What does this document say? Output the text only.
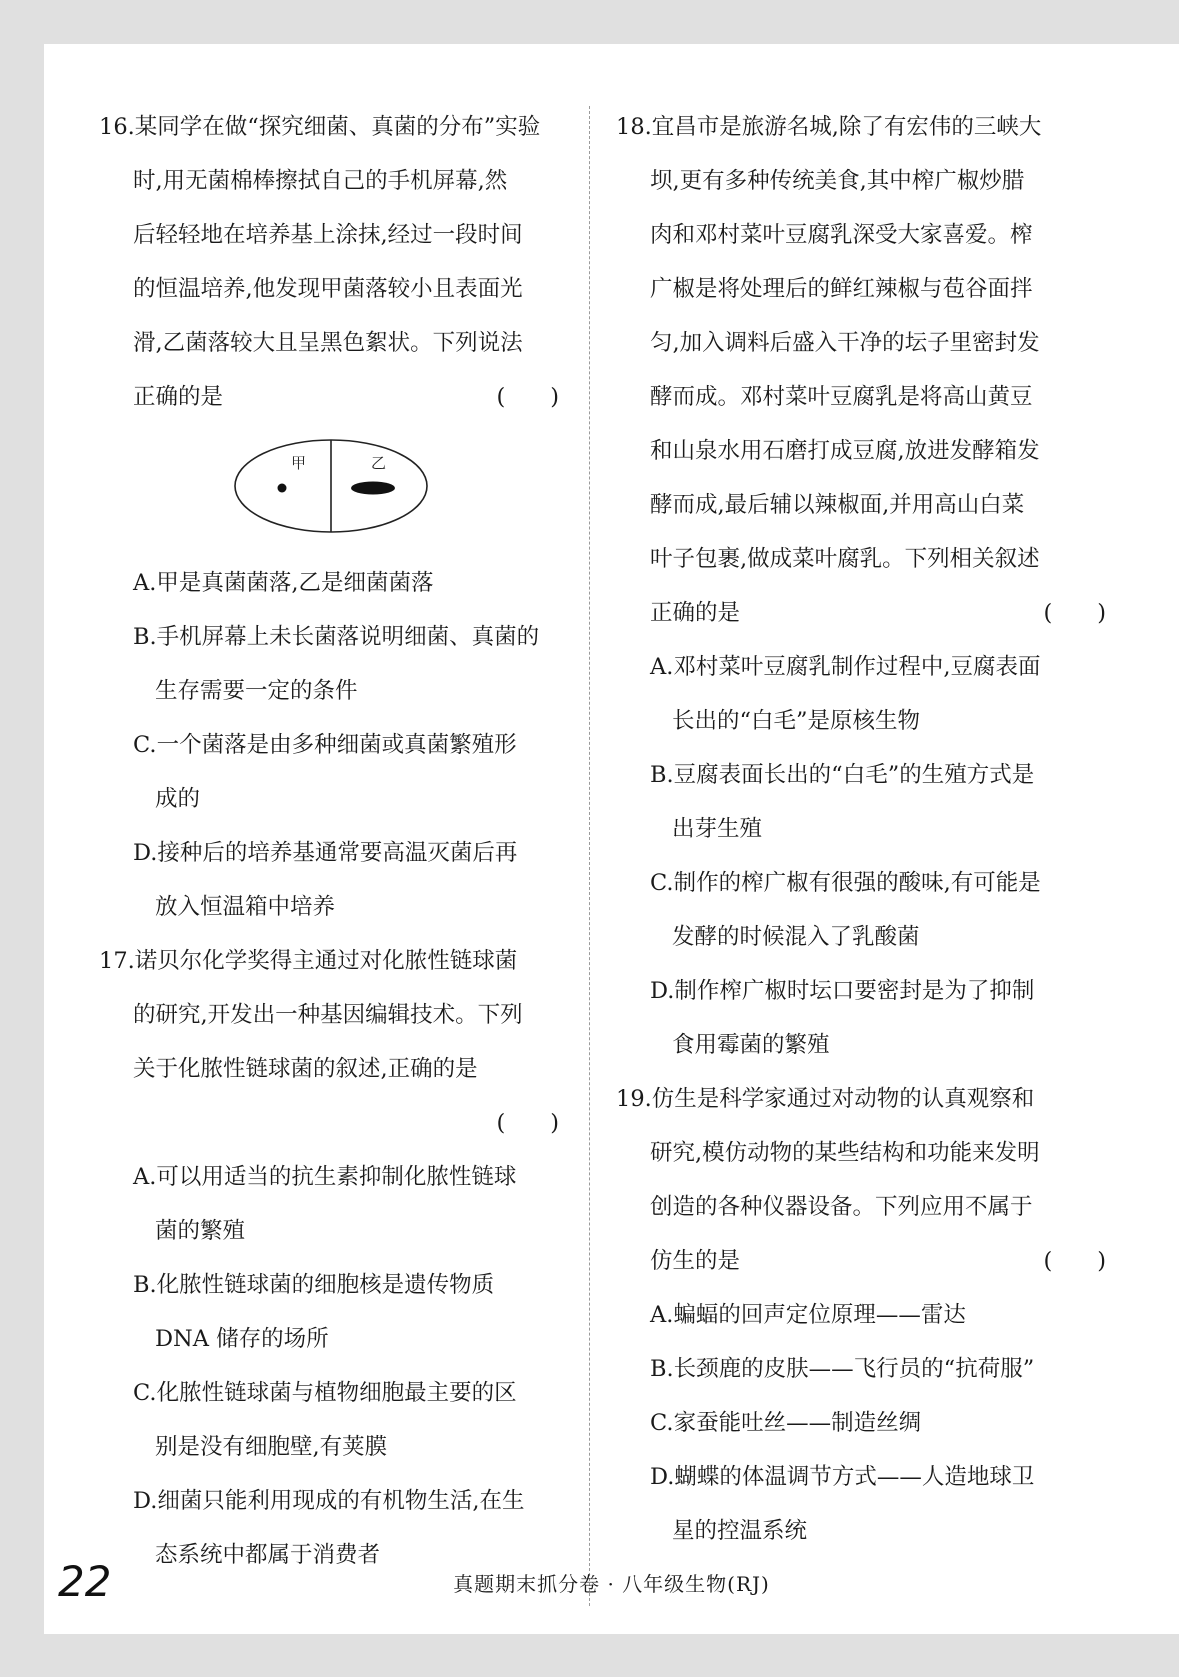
16.某同学在做“探究细菌、真菌的分布”实验
时,用无菌棉棒擦拭自己的手机屏幕,然
后轻轻地在培养基上涂抹,经过一段时间
的恒温培养,他发现甲菌落较小且表面光
滑,乙菌落较大且呈黑色絮状。下列说法
正确的是	(　　)
甲	乙
A.甲是真菌菌落,乙是细菌菌落
B.手机屏幕上未长菌落说明细菌、真菌的
生存需要一定的条件
C.一个菌落是由多种细菌或真菌繁殖形
成的
D.接种后的培养基通常要高温灭菌后再
放入恒温箱中培养
17.诺贝尔化学奖得主通过对化脓性链球菌
的研究,开发出一种基因编辑技术。下列
关于化脓性链球菌的叙述,正确的是
(　　)
A.可以用适当的抗生素抑制化脓性链球
菌的繁殖
B.化脓性链球菌的细胞核是遗传物质
DNA 储存的场所
C.化脓性链球菌与植物细胞最主要的区
别是没有细胞壁,有荚膜
D.细菌只能利用现成的有机物生活,在生
态系统中都属于消费者
18.宜昌市是旅游名城,除了有宏伟的三峡大
坝,更有多种传统美食,其中榨广椒炒腊
肉和邓村菜叶豆腐乳深受大家喜爱。榨
广椒是将处理后的鲜红辣椒与苞谷面拌
匀,加入调料后盛入干净的坛子里密封发
酵而成。邓村菜叶豆腐乳是将高山黄豆
和山泉水用石磨打成豆腐,放进发酵箱发
酵而成,最后辅以辣椒面,并用高山白菜
叶子包裹,做成菜叶腐乳。下列相关叙述
正确的是	(　　)
A.邓村菜叶豆腐乳制作过程中,豆腐表面
长出的“白毛”是原核生物
B.豆腐表面长出的“白毛”的生殖方式是
出芽生殖
C.制作的榨广椒有很强的酸味,有可能是
发酵的时候混入了乳酸菌
D.制作榨广椒时坛口要密封是为了抑制
食用霉菌的繁殖
19.仿生是科学家通过对动物的认真观察和
研究,模仿动物的某些结构和功能来发明
创造的各种仪器设备。下列应用不属于
仿生的是	(　　)
A.蝙蝠的回声定位原理——雷达
B.长颈鹿的皮肤——飞行员的“抗荷服”
C.家蚕能吐丝——制造丝绸
D.蝴蝶的体温调节方式——人造地球卫
星的控温系统
22	真题期末抓分卷 · 八年级生物(RJ)
